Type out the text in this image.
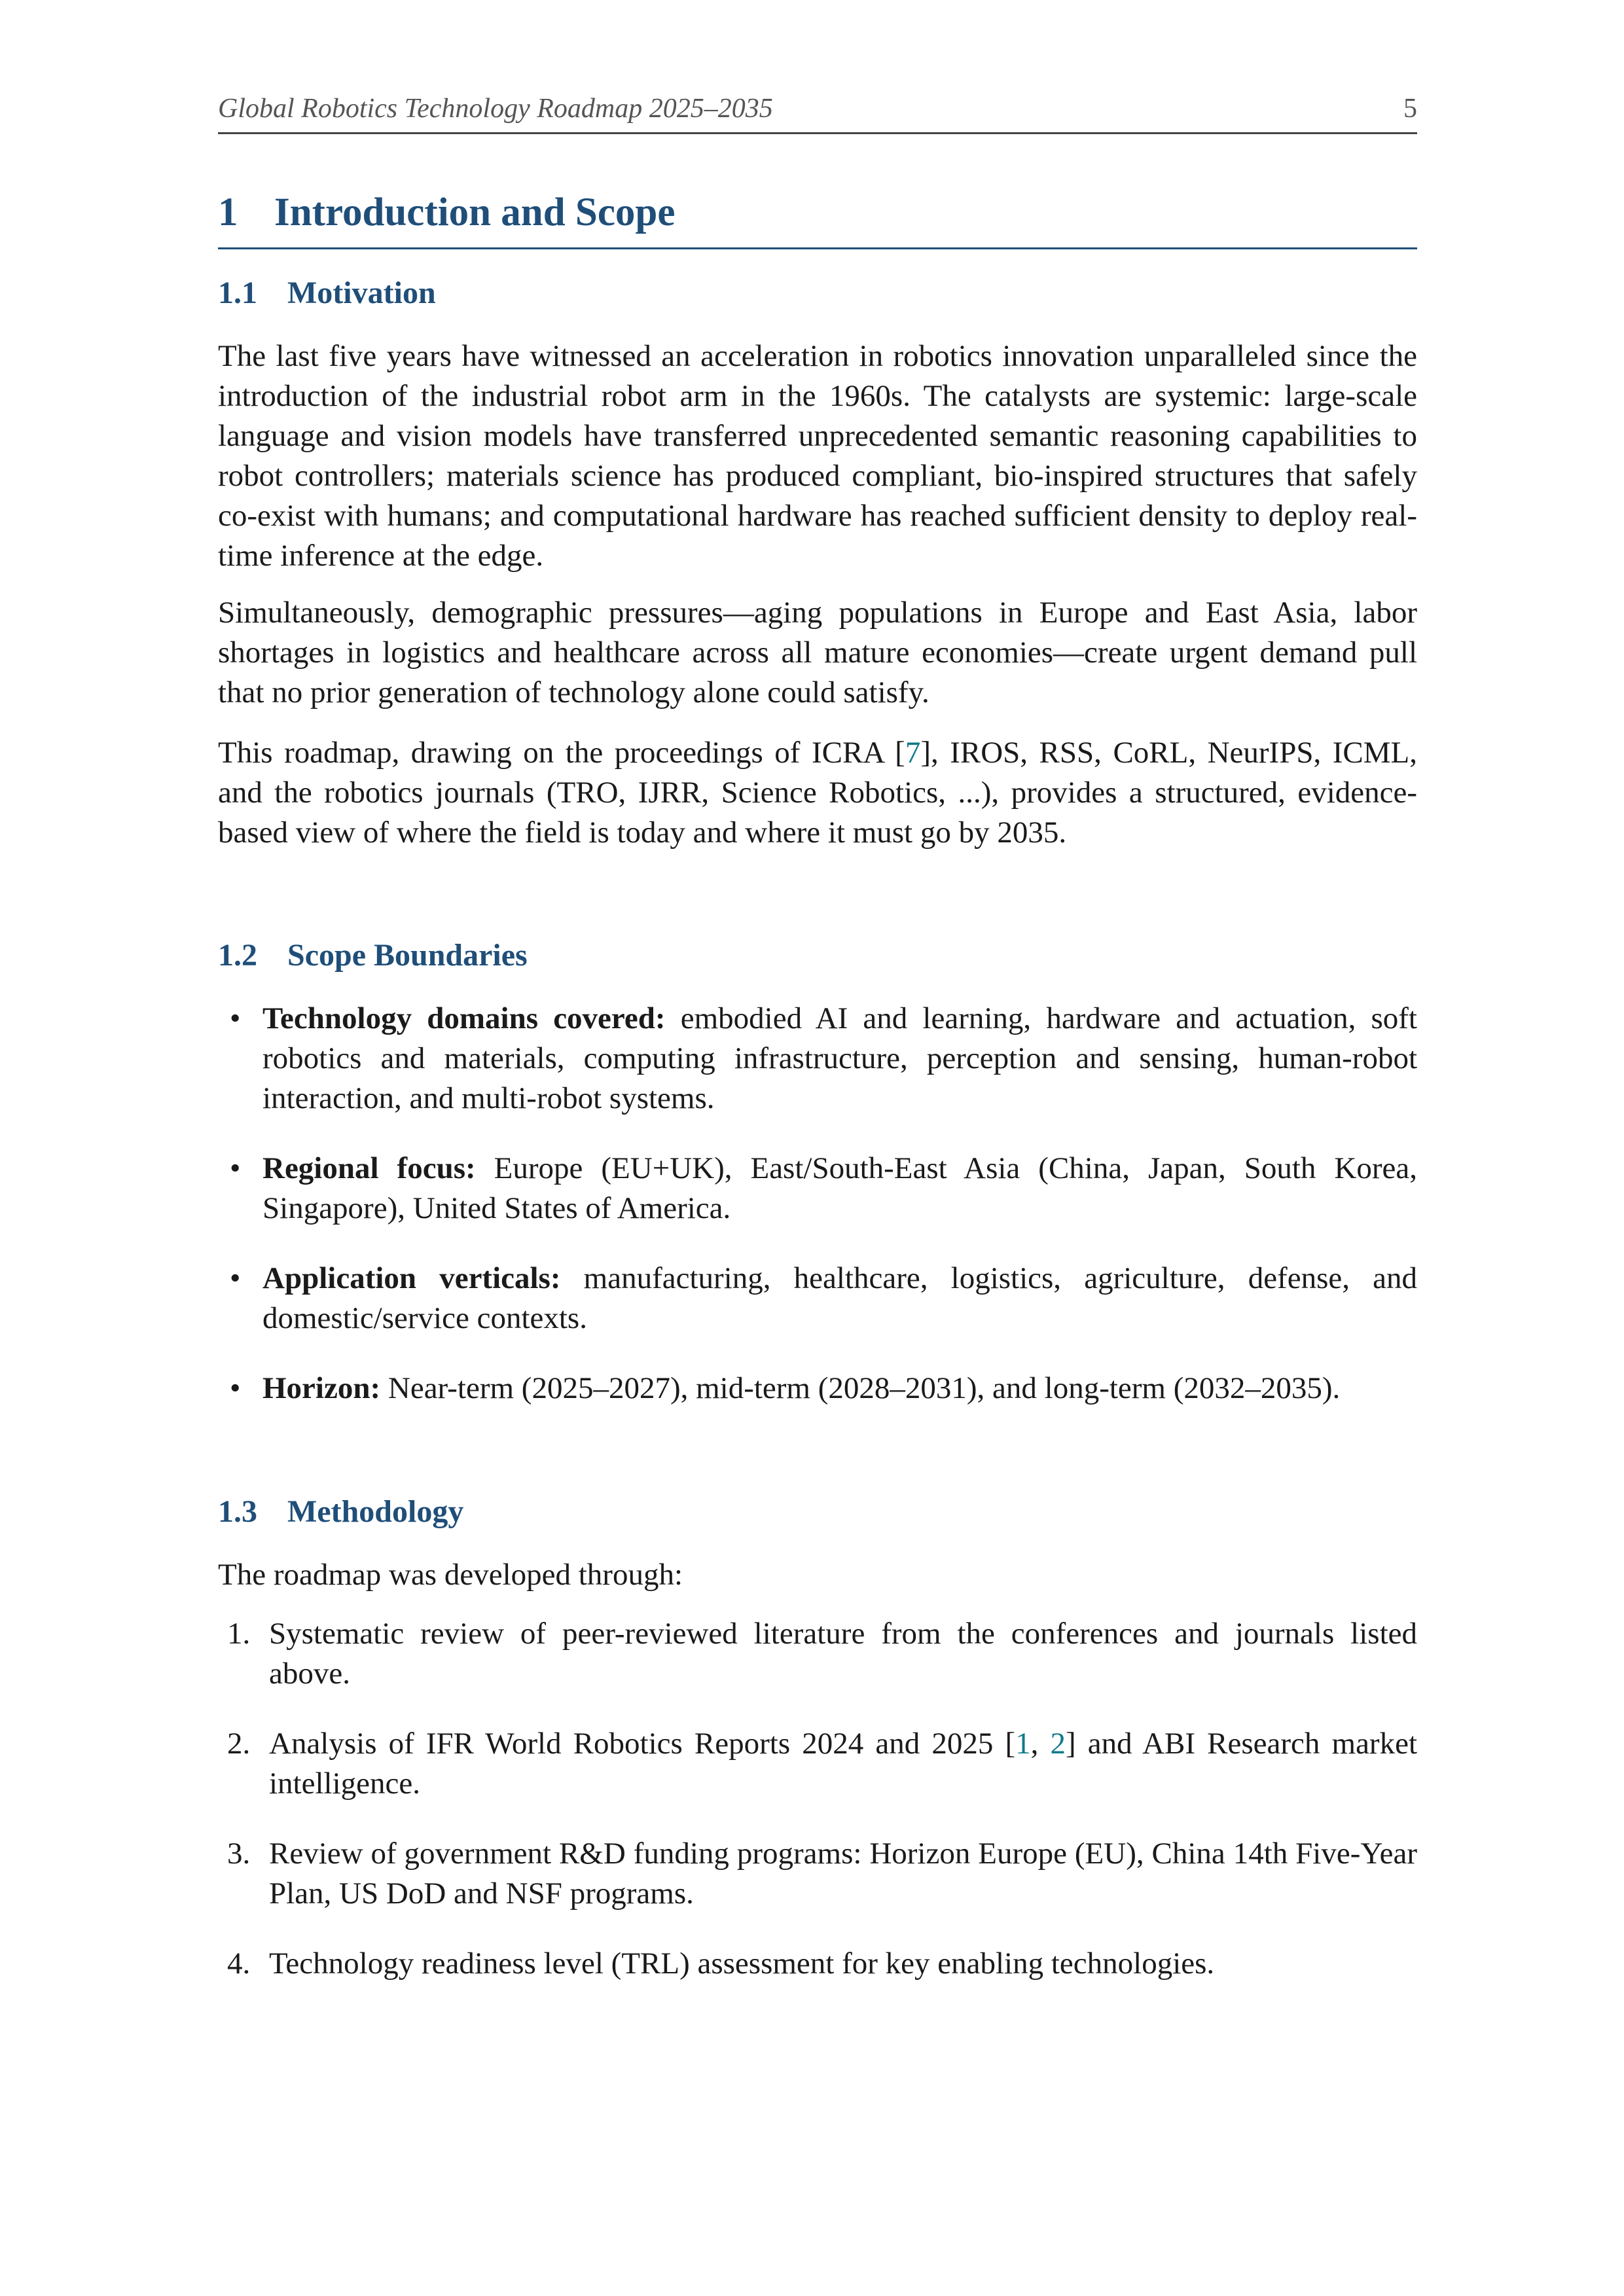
Global Robotics Technology Roadmap 2025–2035	5
1 Introduction and Scope
1.1 Motivation

The last five years have witnessed an acceleration in robotics innovation unparalleled since the introduction of the industrial robot arm in the 1960s. The catalysts are systemic: large-scale language and vision models have transferred unprecedented semantic reasoning capabilities to robot controllers; materials science has produced compliant, bio-inspired structures that safely co-exist with humans; and computational hardware has reached sufficient density to deploy real-time inference at the edge.

Simultaneously, demographic pressures—aging populations in Europe and East Asia, labor shortages in logistics and healthcare across all mature economies—create urgent demand pull that no prior generation of technology alone could satisfy.

This roadmap, drawing on the proceedings of ICRA [7], IROS, RSS, CoRL, NeurIPS, ICML, and the robotics journals (TRO, IJRR, Science Robotics, ...), provides a structured, evidence-based view of where the field is today and where it must go by 2035.

1.2 Scope Boundaries
• Technology domains covered: embodied AI and learning, hardware and actuation, soft robotics and materials, computing infrastructure, perception and sensing, human-robot interaction, and multi-robot systems.
• Regional focus: Europe (EU+UK), East/South-East Asia (China, Japan, South Korea, Singapore), United States of America.
• Application verticals: manufacturing, healthcare, logistics, agriculture, defense, and domestic/service contexts.
• Horizon: Near-term (2025–2027), mid-term (2028–2031), and long-term (2032–2035).
1.3 Methodology

The roadmap was developed through:

1. Systematic review of peer-reviewed literature from the conferences and journals listed above.
2. Analysis of IFR World Robotics Reports 2024 and 2025 [1, 2] and ABI Research market intelligence.
3. Review of government R&D funding programs: Horizon Europe (EU), China 14th Five-Year Plan, US DoD and NSF programs.
4. Technology readiness level (TRL) assessment for key enabling technologies.
